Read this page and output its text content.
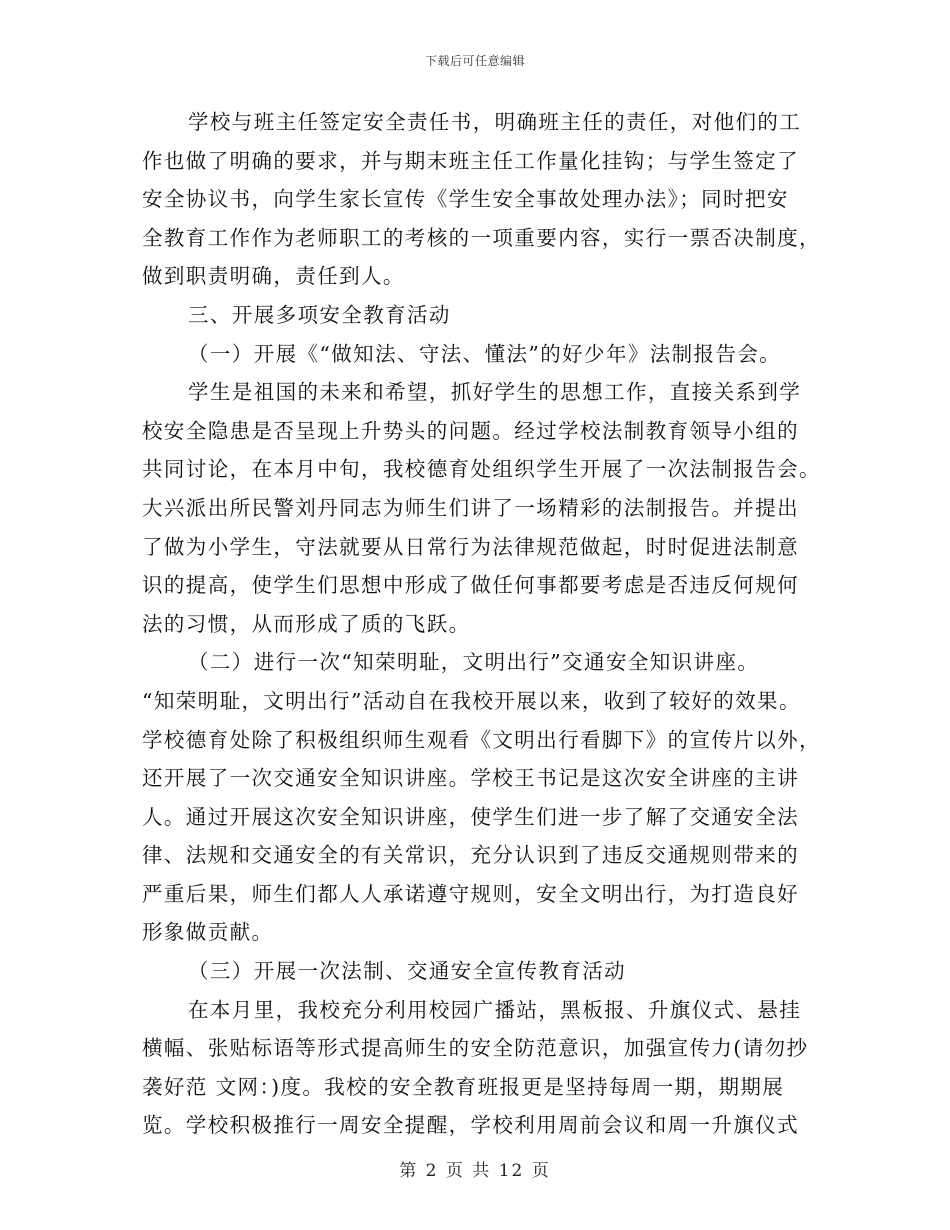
下载后可任意编辑
学校与班主任签定安全责任书，明确班主任的责任，对他们的工
作也做了明确的要求，并与期末班主任工作量化挂钩；与学生签定了
安全协议书，向学生家长宣传《学生安全事故处理办法》；同时把安
全教育工作作为老师职工的考核的一项重要内容，实行一票否决制度，
做到职责明确，责任到人。
三、开展多项安全教育活动
（一）开展《“做知法、守法、懂法”的好少年》法制报告会。
学生是祖国的未来和希望，抓好学生的思想工作，直接关系到学
校安全隐患是否呈现上升势头的问题。经过学校法制教育领导小组的
共同讨论，在本月中旬，我校德育处组织学生开展了一次法制报告会。
大兴派出所民警刘丹同志为师生们讲了一场精彩的法制报告。并提出
了做为小学生，守法就要从日常行为法律规范做起，时时促进法制意
识的提高，使学生们思想中形成了做任何事都要考虑是否违反何规何
法的习惯，从而形成了质的飞跃。
（二）进行一次“知荣明耻，文明出行”交通安全知识讲座。
“知荣明耻，文明出行”活动自在我校开展以来，收到了较好的效果。
学校德育处除了积极组织师生观看《文明出行看脚下》的宣传片以外，
还开展了一次交通安全知识讲座。学校王书记是这次安全讲座的主讲
人。通过开展这次安全知识讲座，使学生们进一步了解了交通安全法
律、法规和交通安全的有关常识，充分认识到了违反交通规则带来的
严重后果，师生们都人人承诺遵守规则，安全文明出行，为打造良好
形象做贡献。
（三）开展一次法制、交通安全宣传教育活动
在本月里，我校充分利用校园广播站，黑板报、升旗仪式、悬挂
横幅、张贴标语等形式提高师生的安全防范意识，加强宣传力(请勿抄
袭好范 文网：)度。我校的安全教育班报更是坚持每周一期，期期展
览。学校积极推行一周安全提醒，学校利用周前会议和周一升旗仪式
第 2 页 共 12 页
